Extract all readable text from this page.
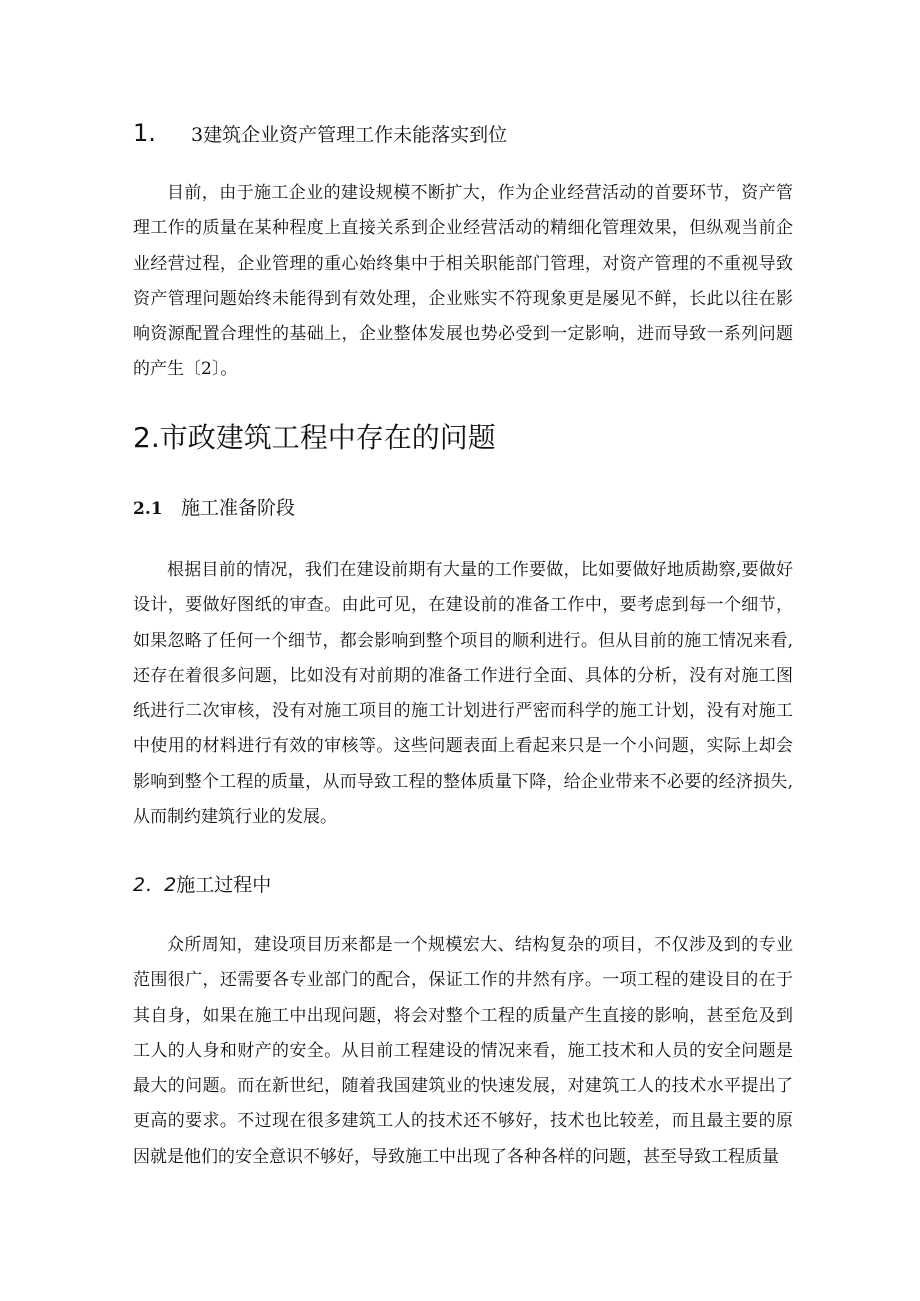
1. 3建筑企业资产管理工作未能落实到位

目前，由于施工企业的建设规模不断扩大，作为企业经营活动的首要环节，资产管理工作的质量在某种程度上直接关系到企业经营活动的精细化管理效果，但纵观当前企业经营过程，企业管理的重心始终集中于相关职能部门管理，对资产管理的不重视导致资产管理问题始终未能得到有效处理，企业账实不符现象更是屡见不鲜，长此以往在影响资源配置合理性的基础上，企业整体发展也势必受到一定影响，进而导致一系列问题的产生〔2〕。

2.市政建筑工程中存在的问题
2.1 施工准备阶段

根据目前的情况，我们在建设前期有大量的工作要做，比如要做好地质勘察,要做好设计，要做好图纸的审查。由此可见，在建设前的准备工作中，要考虑到每一个细节，如果忽略了任何一个细节，都会影响到整个项目的顺利进行。但从目前的施工情况来看,还存在着很多问题，比如没有对前期的准备工作进行全面、具体的分析，没有对施工图纸进行二次审核，没有对施工项目的施工计划进行严密而科学的施工计划，没有对施工中使用的材料进行有效的审核等。这些问题表面上看起来只是一个小问题，实际上却会影响到整个工程的质量，从而导致工程的整体质量下降，给企业带来不必要的经济损失,从而制约建筑行业的发展。

2．2施工过程中

众所周知，建设项目历来都是一个规模宏大、结构复杂的项目，不仅涉及到的专业范围很广，还需要各专业部门的配合，保证工作的井然有序。一项工程的建设目的在于其自身，如果在施工中出现问题，将会对整个工程的质量产生直接的影响，甚至危及到工人的人身和财产的安全。从目前工程建设的情况来看，施工技术和人员的安全问题是最大的问题。而在新世纪，随着我国建筑业的快速发展，对建筑工人的技术水平提出了更高的要求。不过现在很多建筑工人的技术还不够好，技术也比较差，而且最主要的原因就是他们的安全意识不够好，导致施工中出现了各种各样的问题，甚至导致工程质量
